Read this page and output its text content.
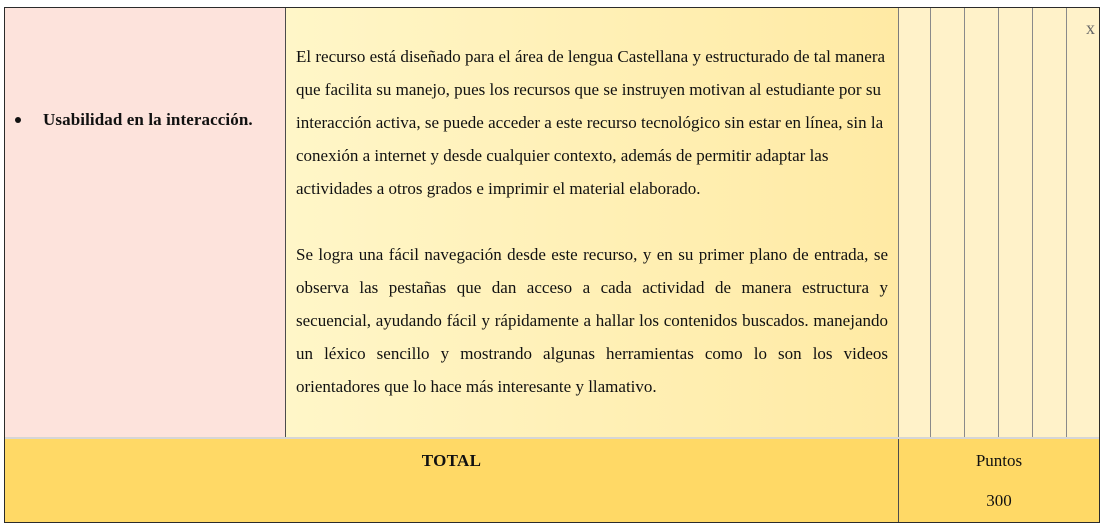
Usabilidad en la interacción.

El recurso está diseñado para el área de lengua Castellana y estructurado de tal manera que facilita su manejo, pues los recursos que se instruyen motivan al estudiante por su interacción activa, se puede acceder a este recurso tecnológico sin estar en línea, sin la conexión a internet y desde cualquier contexto, además de permitir adaptar las actividades a otros grados e imprimir el material elaborado.

Se logra una fácil navegación desde este recurso, y en su primer plano de entrada, se observa las pestañas que dan acceso a cada actividad de manera estructura y secuencial, ayudando fácil y rápidamente a hallar los contenidos buscados. manejando un léxico sencillo y mostrando algunas herramientas como lo son los videos orientadores que lo hace más interesante y llamativo.

x
TOTAL	Puntos
300
